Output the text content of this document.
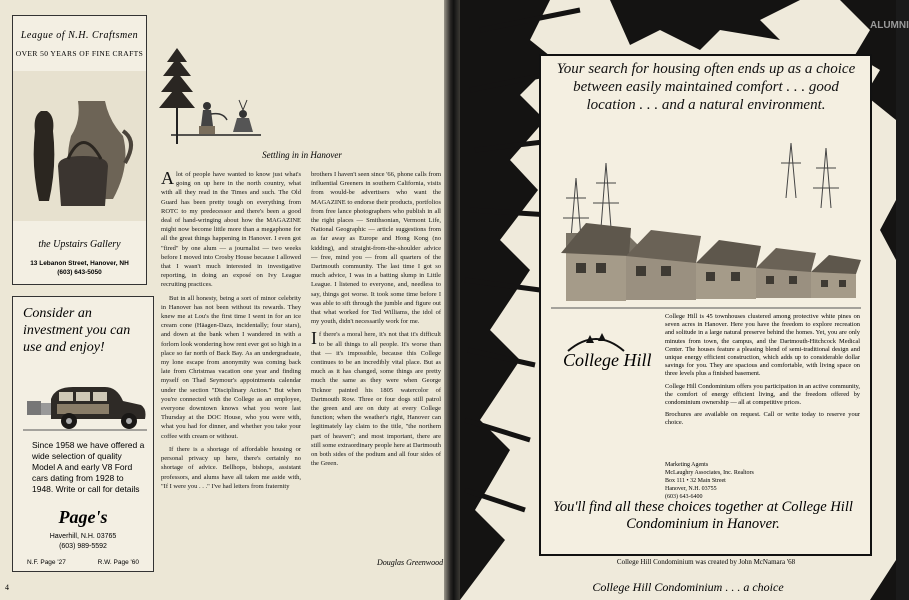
League of N.H. Craftsmen
OVER 50 YEARS OF FINE CRAFTS
the Upstairs Gallery
13 Lebanon Street, Hanover, NH
(603) 643-5050
Consider an investment you can use and enjoy!
Since 1958 we have offered a wide selection of quality Model A and early V8 Ford cars dating from 1928 to 1948. Write or call for details
Page's
Haverhill, N.H. 03765
(603) 989-5592
N.F. Page '27	R.W. Page '60
Settling in in Hanover

Alot of people have wanted to know just what's going on up here in the north country, what with all they read in the Times and such. The Old Guard has been pretty tough on everything from ROTC to my predecessor and there's been a good deal of hand-wringing about how the MAGAZINE might now become little more than a megaphone for all the great things happening in Hanover. I even got "fired" by one alum — a journalist — two weeks before I moved into Crosby House because I allowed that I wasn't much interested in investigative reporting, in doing an exposé on Ivy League recruiting practices.

But in all honesty, being a sort of minor celebrity in Hanover has not been without its rewards. They knew me at Lou's the first time I went in for an ice cream cone (Häagen-Dazs, incidentally; four stars), and down at the bank when I wandered in with a forlorn look wondering how rent ever got so high in a place so far north of Back Bay. As an undergraduate, my lone escape from anonymity was coming back late from Christmas vacation one year and finding myself on Thad Seymour's appointments calendar under the section "Disciplinary Action." But when you're connected with the College as an employee, everyone downtown knows what you wore last Thursday at the DOC House, who you were with, what you had for dinner, and whether you take your coffee with cream or without.

If there is a shortage of affordable housing or personal privacy up here, there's certainly no shortage of advice. Bellhops, bishops, assistant professors, and alums have all taken me aside with, "If I were you . . ." I've had letters from fraternity

brothers I haven't seen since '66, phone calls from influential Greeners in southern California, visits from would-be advertisers who want the MAGAZINE to endorse their products, portfolios from free lance photographers who publish in all the right places — Smithsonian, Vermont Life, National Geographic — article suggestions from as far away as Europe and Hong Kong (no kidding), and straight-from-the-shoulder advice — free, mind you — from all quarters of the Dartmouth community. The last time I got so much advice, I was in a batting slump in Little League. I listened to everyone, and, needless to say, things got worse. It took some time before I was able to sift through the jumble and figure out that what worked for Ted Williams, the idol of my youth, didn't necessarily work for me.

If there's a moral here, it's not that it's difficult to be all things to all people. It's worse than that — it's impossible, because this College continues to be an incredibly vital place. But as much as it has changed, some things are pretty much the same as they were when George Ticknor painted his 1805 watercolor of Dartmouth Row. Three or four dogs still patrol the green and are on duty at every College function; when the weather's right, Hanover can legitimately lay claim to the title, "the northern part of heaven"; and most important, there are still some extraordinary people here at Dartmouth on both sides of the podium and all four sides of the Green.

Douglas Greenwood
4
Your search for housing often ends up as a choice between easily maintained comfort . . . good location . . . and a natural environment.
College Hill

College Hill is 45 townhouses clustered among protective white pines on seven acres in Hanover. Here you have the freedom to explore recreation and solitude in a large natural preserve behind the homes. Yet, you are only minutes from town, the campus, and the Dartmouth-Hitchcock Medical Center. The houses feature a pleasing blend of semi-traditional design and unique energy efficient construction, which adds up to considerable dollar savings for you. They are spacious and comfortable, with living space on three levels plus a finished basement.

College Hill Condominium offers you participation in an active community, the comfort of energy efficient living, and the freedom offered by condominium ownership — all at competitive prices.

Brochures are available on request. Call or write today to reserve your choice.

Marketing Agents
McLaughry Associates, Inc. Realtors
Box 111 • 32 Main Street
Hanover, N.H. 03755
(603) 643-6400
You'll find all these choices together at College Hill Condominium in Hanover.
College Hill Condominium was created by John McNamara '68
College Hill Condominium . . . a choice
ALUMNI
